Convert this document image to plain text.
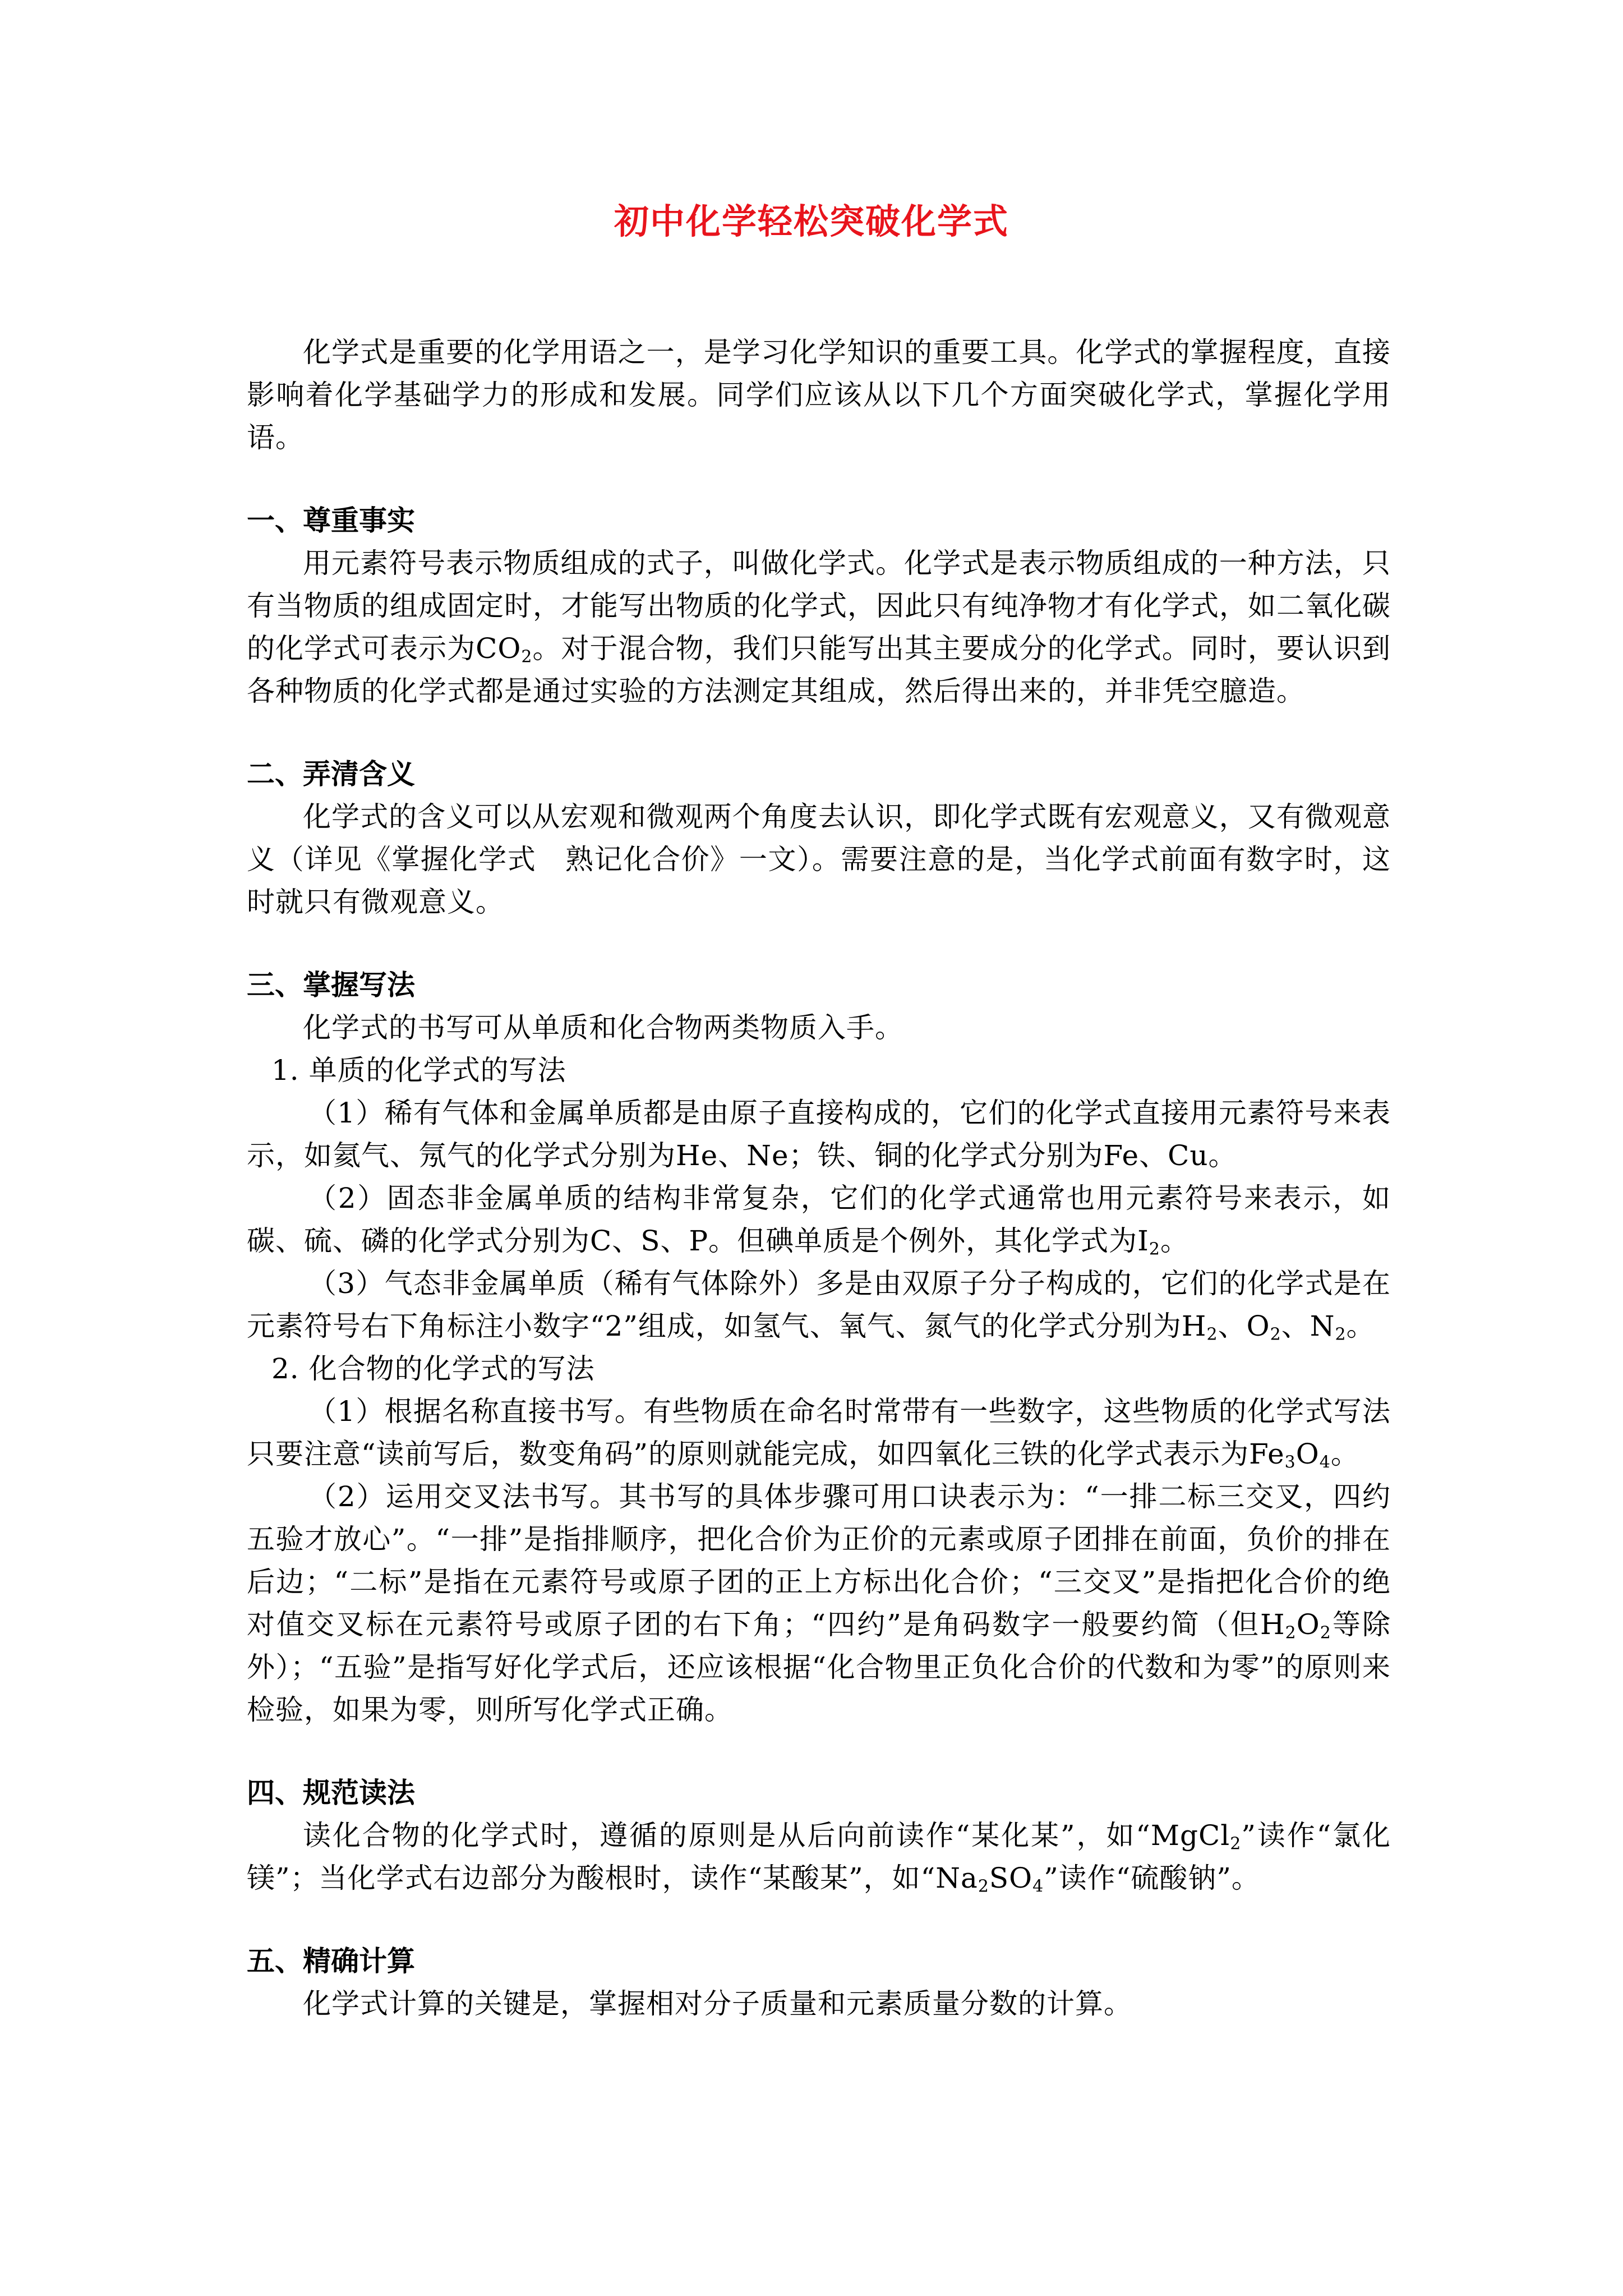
初中化学轻松突破化学式

化学式是重要的化学用语之一，是学习化学知识的重要工具。化学式的掌握程度，直接影响着化学基础学力的形成和发展。同学们应该从以下几个方面突破化学式，掌握化学用语。

一、尊重事实

用元素符号表示物质组成的式子，叫做化学式。化学式是表示物质组成的一种方法，只有当物质的组成固定时，才能写出物质的化学式，因此只有纯净物才有化学式，如二氧化碳的化学式可表示为$CO_2$。对于混合物，我们只能写出其主要成分的化学式。同时，要认识到各种物质的化学式都是通过实验的方法测定其组成，然后得出来的，并非凭空臆造。

二、弄清含义

化学式的含义可以从宏观和微观两个角度去认识，即化学式既有宏观意义，又有微观意义（详见《掌握化学式　熟记化合价》一文）。需要注意的是，当化学式前面有数字时，这时就只有微观意义。

三、掌握写法

化学式的书写可从单质和化合物两类物质入手。

1. 单质的化学式的写法

（1）稀有气体和金属单质都是由原子直接构成的，它们的化学式直接用元素符号来表示，如氦气、氖气的化学式分别为He、Ne；铁、铜的化学式分别为Fe、Cu。

（2）固态非金属单质的结构非常复杂，它们的化学式通常也用元素符号来表示，如碳、硫、磷的化学式分别为C、S、P。但碘单质是个例外，其化学式为$I_2$。

（3）气态非金属单质（稀有气体除外）多是由双原子分子构成的，它们的化学式是在元素符号右下角标注小数字“2”组成，如氢气、氧气、氮气的化学式分别为$H_2$、$O_2$、$N_2$。

2. 化合物的化学式的写法

（1）根据名称直接书写。有些物质在命名时常带有一些数字，这些物质的化学式写法只要注意“读前写后，数变角码”的原则就能完成，如四氧化三铁的化学式表示为$Fe_3O_4$。

（2）运用交叉法书写。其书写的具体步骤可用口诀表示为：“一排二标三交叉，四约五验才放心”。“一排”是指排顺序，把化合价为正价的元素或原子团排在前面，负价的排在后边；“二标”是指在元素符号或原子团的正上方标出化合价；“三交叉”是指把化合价的绝对值交叉标在元素符号或原子团的右下角；“四约”是角码数字一般要约简（但$H_2O_2$等除外）；“五验”是指写好化学式后，还应该根据“化合物里正负化合价的代数和为零”的原则来检验，如果为零，则所写化学式正确。

四、规范读法

读化合物的化学式时，遵循的原则是从后向前读作“某化某”，如“MgCl$_2$”读作“氯化镁”；当化学式右边部分为酸根时，读作“某酸某”，如“$Na_2SO_4$”读作“硫酸钠”。

五、精确计算

化学式计算的关键是，掌握相对分子质量和元素质量分数的计算。
